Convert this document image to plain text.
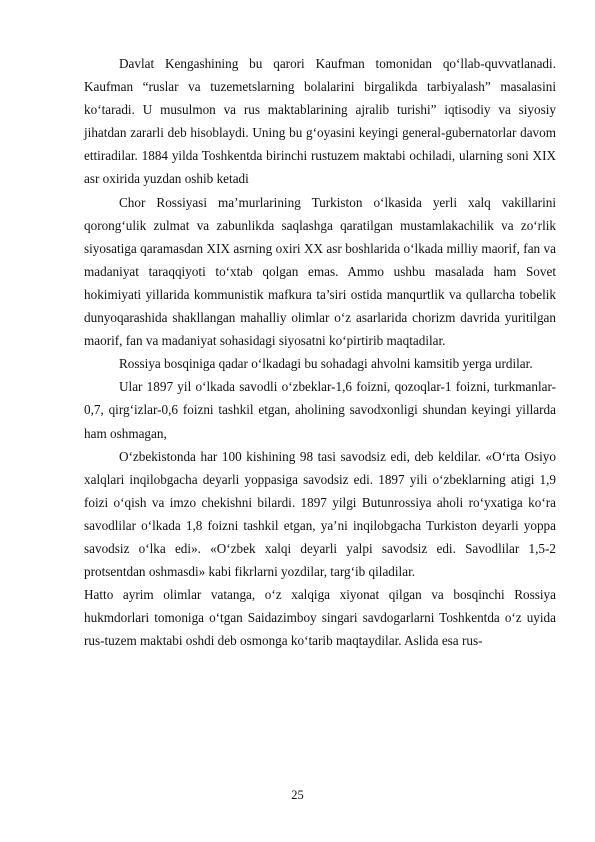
Davlat Kengashining bu qarori Kaufman tomonidan qo‘llab-quvvatlanadi. Kaufman “ruslar va tuzemetslarning bolalarini birgalikda tarbiyalash” masalasini ko‘taradi. U musulmon va rus maktablarining ajralib turishi” iqtisodiy va siyosiy jihatdan zararli deb hisoblaydi. Uning bu g‘oyasini keyingi general-gubernatorlar davom ettiradilar. 1884 yilda Toshkentda birinchi rustuzem maktabi ochiladi, ularning soni XIX asr oxirida yuzdan oshib ketadi

Chor Rossiyasi ma’murlarining Turkiston o‘lkasida yerli xalq vakillarini qorong‘ulik zulmat va zabunlikda saqlashga qaratilgan mustamlakachilik va zo‘rlik siyosatiga qaramasdan XIX asrning oxiri XX asr boshlarida o‘lkada milliy maorif, fan va madaniyat taraqqiyoti to‘xtab qolgan emas. Ammo ushbu masalada ham Sovet hokimiyati yillarida kommunistik mafkura ta’siri ostida manqurtlik va qullarcha tobelik dunyoqarashida shakllangan mahalliy olimlar o‘z asarlarida chorizm davrida yuritilgan maorif, fan va madaniyat sohasidagi siyosatni ko‘pirtirib maqtadilar.

Rossiya bosqiniga qadar o‘lkadagi bu sohadagi ahvolni kamsitib yerga urdilar.

Ular 1897 yil o‘lkada savodli o‘zbeklar-1,6 foizni, qozoqlar-1 foizni, turkmanlar-0,7, qirg‘izlar-0,6 foizni tashkil etgan, aholining savodxonligi shundan keyingi yillarda ham oshmagan,

O‘zbekistonda har 100 kishining 98 tasi savodsiz edi, deb keldilar. «O‘rta Osiyo xalqlari inqilobgacha deyarli yoppasiga savodsiz edi. 1897 yili o‘zbeklarning atigi 1,9 foizi o‘qish va imzo chekishni bilardi. 1897 yilgi Butunrossiya aholi ro‘yxatiga ko‘ra savodlilar o‘lkada 1,8 foizni tashkil etgan, ya’ni inqilobgacha Turkiston deyarli yoppa savodsiz o‘lka edi». «O‘zbek xalqi deyarli yalpi savodsiz edi. Savodlilar 1,5-2 protsentdan oshmasdi» kabi fikrlarni yozdilar, targ‘ib qiladilar.

Hatto ayrim olimlar vatanga, o‘z xalqiga xiyonat qilgan va bosqinchi Rossiya hukmdorlari tomoniga o‘tgan Saidazimboy singari savdogarlarni Toshkentda o‘z uyida rus-tuzem maktabi oshdi deb osmonga ko‘tarib maqtaydilar. Aslida esa rus-

25
